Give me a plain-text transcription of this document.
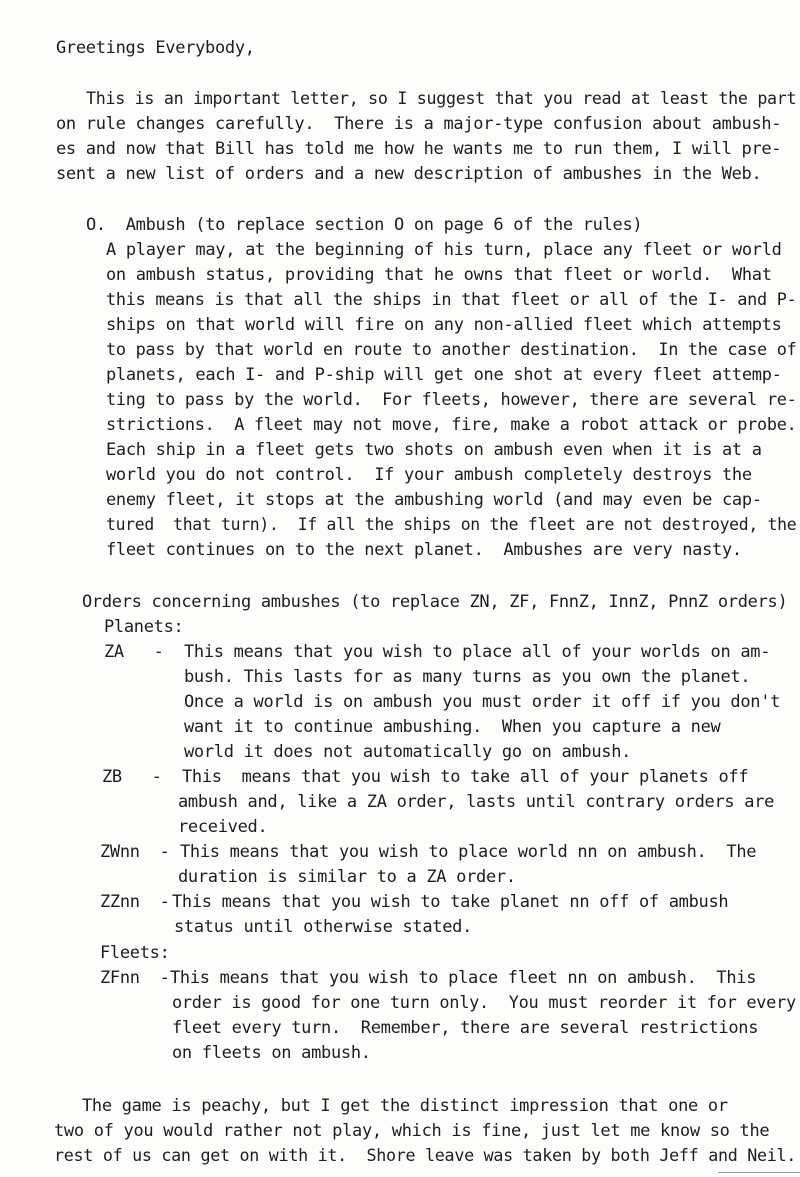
Greetings Everybody,
This is an important letter, so I suggest that you read at least the part
on rule changes carefully.  There is a major-type confusion about ambush-
es and now that Bill has told me how he wants me to run them, I will pre-
sent a new list of orders and a new description of ambushes in the Web.
O.  Ambush (to replace section O on page 6 of the rules)
A player may, at the beginning of his turn, place any fleet or world
on ambush status, providing that he owns that fleet or world.  What
this means is that all the ships in that fleet or all of the I- and P-
ships on that world will fire on any non-allied fleet which attempts
to pass by that world en route to another destination.  In the case of
planets, each I- and P-ship will get one shot at every fleet attemp-
ting to pass by the world.  For fleets, however, there are several re-
strictions.  A fleet may not move, fire, make a robot attack or probe.
Each ship in a fleet gets two shots on ambush even when it is at a
world you do not control.  If your ambush completely destroys the
enemy fleet, it stops at the ambushing world (and may even be cap-
tured  that turn).  If all the ships on the fleet are not destroyed, the
fleet continues on to the next planet.  Ambushes are very nasty.
Orders concerning ambushes (to replace ZN, ZF, FnnZ, InnZ, PnnZ orders)
Planets:
ZA   - This means that you wish to place all of your worlds on am-
bush. This lasts for as many turns as you own the planet.
Once a world is on ambush you must order it off if you don't
want it to continue ambushing.  When you capture a new
world it does not automatically go on ambush.
ZB   - This  means that you wish to take all of your planets off
ambush and, like a ZA order, lasts until contrary orders are
received.
ZWnn  - This means that you wish to place world nn on ambush.  The
duration is similar to a ZA order.
ZZnn  - This means that you wish to take planet nn off of ambush
status until otherwise stated.
Fleets:
ZFnn  - This means that you wish to place fleet nn on ambush.  This
order is good for one turn only.  You must reorder it for every
fleet every turn.  Remember, there are several restrictions
on fleets on ambush.
The game is peachy, but I get the distinct impression that one or
two of you would rather not play, which is fine, just let me know so the
rest of us can get on with it.  Shore leave was taken by both Jeff and Neil.
